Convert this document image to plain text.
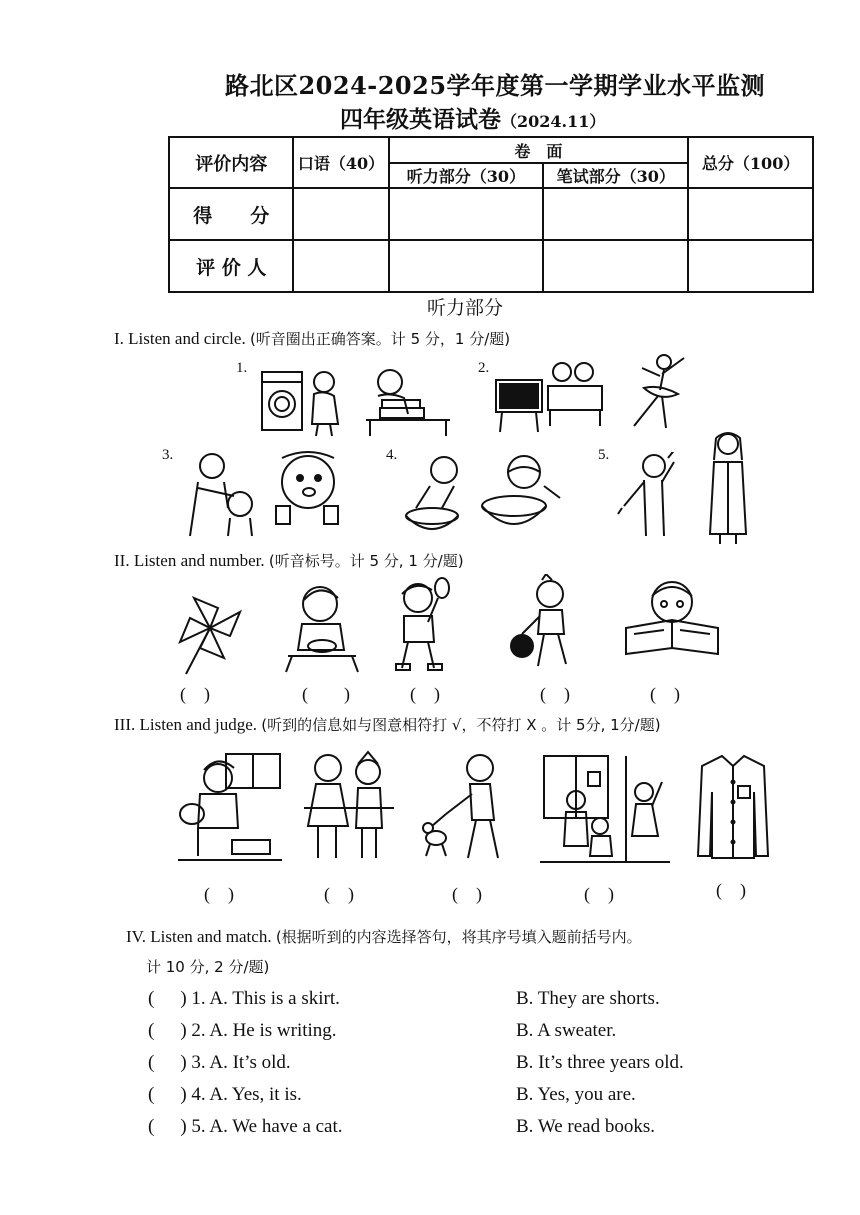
路北区2024-2025学年度第一学期学业水平监测
四年级英语试卷（2024.11）
评价内容	口语（40）	卷　面		总分（100）
		听力部分（30）	笔试部分（30）	
得　　分				
评 价 人				
听力部分
I. Listen and circle. (听音圈出正确答案。计 5 分，1 分/题)
1.	2.
3.	4.	5.
II. Listen and number. (听音标号。计 5 分, 1 分/题)
(　)	(　　)	(　)	(　)	(　)
III. Listen and judge. (听到的信息如与图意相符打 √，不符打 X 。计 5分, 1分/题)
(　)	(　)	(　)	(　)	(　)
IV. Listen and match. (根据听到的内容选择答句，将其序号填入题前括号内。
计 10 分, 2 分/题)
( ) 1. A. This is a skirt.	B. They are shorts.
( ) 2. A. He is writing.	B. A sweater.
( ) 3. A. It’s old.	B. It’s three years old.
( ) 4. A. Yes, it is.	B. Yes, you are.
( ) 5. A. We have a cat.	B. We read books.
